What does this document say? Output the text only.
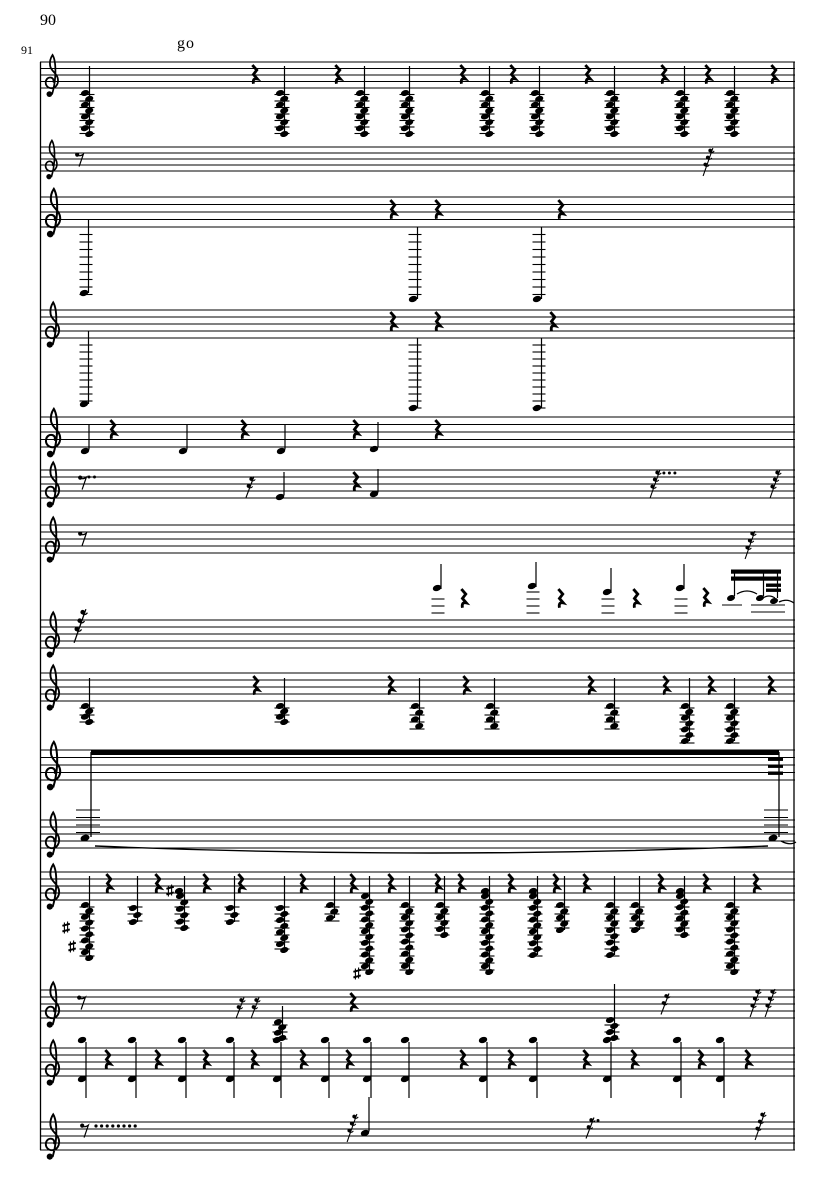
90
91	go
